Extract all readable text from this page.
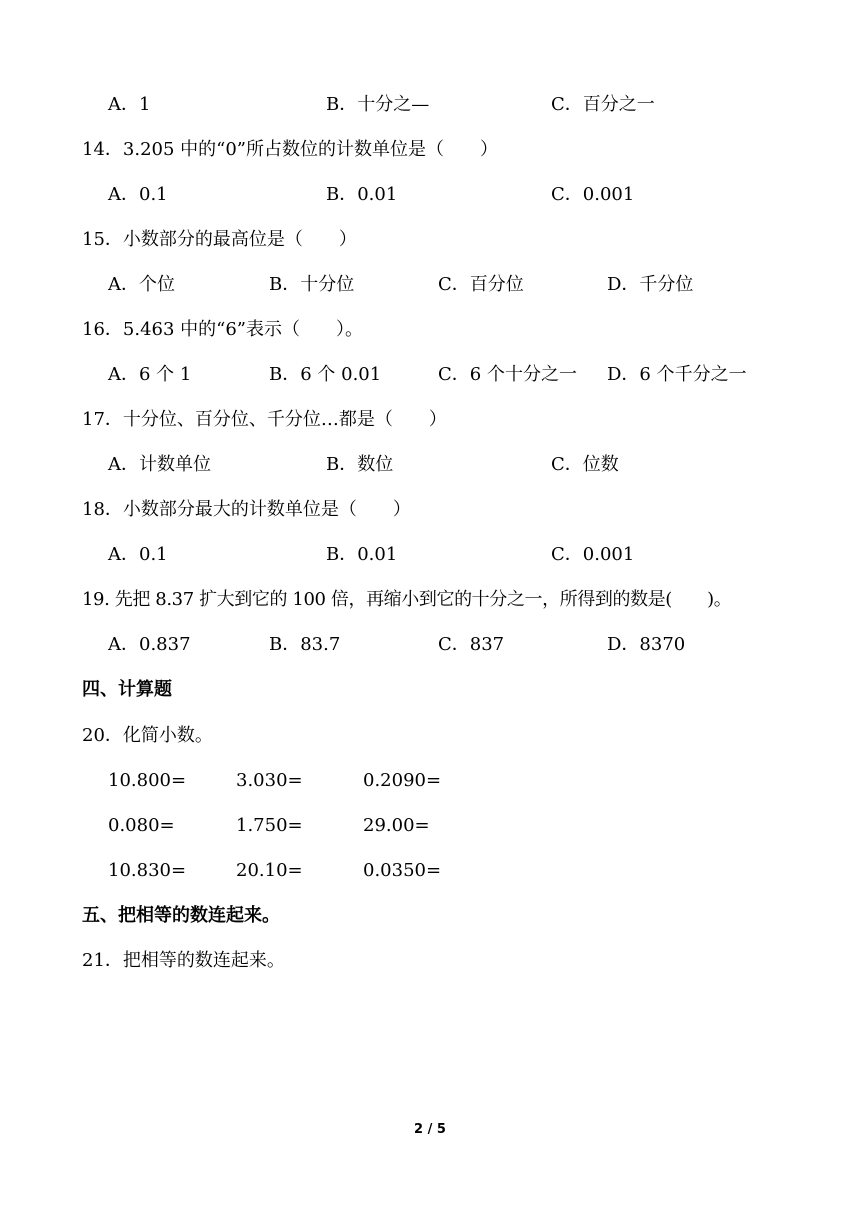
A．1	B．十分之—	C．百分之一
14．3.205 中的“0”所占数位的计数单位是（　　）
A．0.1	B．0.01	C．0.001
15．小数部分的最高位是（　　）
A．个位	B．十分位	C．百分位	D．千分位
16．5.463 中的“6”表示（　　）。
A．6 个 1	B．6 个 0.01	C．6 个十分之一 D．6 个千分之一
17．十分位、百分位、千分位…都是（　　）
A．计数单位	B．数位	C．位数
18．小数部分最大的计数单位是（　　）
A．0.1	B．0.01	C．0.001
19. 先把 8.37 扩大到它的 100 倍，再缩小到它的十分之一，所得到的数是(　　)。
A．0.837	B．83.7	C．837	D．8370
四、计算题
20．化简小数。
10.800=	3.030=	0.2090=
0.080=	1.750=	29.00=
10.830=	20.10=	0.0350=
五、把相等的数连起来。
21．把相等的数连起来。
2 / 5
